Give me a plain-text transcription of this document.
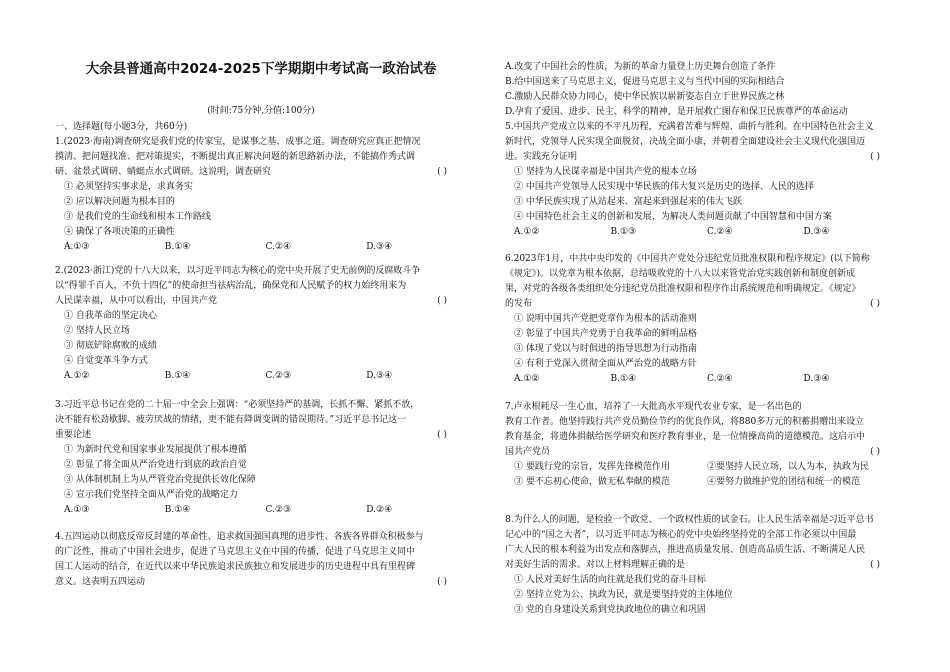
大余县普通高中2024-2025下学期期中考试高一政治试卷
(时间:75分钟,分值:100分)
一、选择题(每小题3分，共60分)

1.(2023·海南)调查研究是我们党的传家宝，是谋事之基、成事之道。调查研究应真正把情况

摸清、把问题找准、把对策提实，不断提出真正解决问题的新思路新办法，不能搞作秀式调

研、盆景式调研、蜻蜓点水式调研。这说明，调查研究	( )

① 必须坚持实事求是，求真务实

② 应以解决问题为根本目的

③ 是我们党的生命线和根本工作路线

④ 确保了各项决策的正确性

A.①③	B.①④	C.②④	D.③④

2.(2023·浙江)党的十八大以来，以习近平同志为核心的党中央开展了史无前例的反腐败斗争

以“得罪千百人，不负十四亿”的使命担当祛病治乱，确保党和人民赋予的权力始终用来为

人民谋幸福，从中可以看出，中国共产党	( )

① 自我革命的坚定决心

② 坚持人民立场

③ 彻底铲除腐败的成绩

④ 自觉变革斗争方式

A.①②	B.①④	C.②③	D.③④

3.习近平总书记在党的二十届一中全会上强调：“必须坚持严的基调，长抓不懈、紧抓不放，

决不能有松劲歇脚、疲劳厌战的情绪，更不能有降调变调的错误期待。”习近平总书记这一

重要论述	( )

① 为新时代党和国家事业发展提供了根本遵循

② 彰显了将全面从严治党进行到底的政治自觉

③ 从体制机制上为从严管党治党提供长效化保障

④ 宣示我们党坚持全面从严治党的战略定力

A.①③	B.①④	C.②③	D.②④

4.五四运动以彻底反帝反封建的革命性、追求救国强国真理的进步性、各族各界群众积极参与

的广泛性，推动了中国社会进步，促进了马克思主义在中国的传播，促进了马克思主义同中

国工人运动的结合，在近代以来中华民族追求民族独立和发展进步的历史进程中具有里程碑

意义。这表明五四运动	( )

A.改变了中国社会的性质，为新的革命力量登上历史舞台创造了条件

B.给中国送来了马克思主义，促进马克思主义与当代中国的实际相结合

C.激励人民群众协力同心，使中华民族以崭新姿态自立于世界民族之林

D.孕育了爱国、进步、民主、科学的精神，是开展救亡图存和保卫民族尊严的革命运动

5.中国共产党成立以来的不平凡历程，充满着苦难与辉煌、曲折与胜利。在中国特色社会主义

新时代，党领导人民实现全面脱贫，决战全面小康，并朝着全面建设社会主义现代化强国迈

进。实践充分证明	( )

① 坚持为人民谋幸福是中国共产党的根本立场

② 中国共产党领导人民实现中华民族的伟大复兴是历史的选择、人民的选择

③ 中华民族实现了从站起来、富起来到强起来的伟大飞跃

④ 中国特色社会主义的创新和发展，为解决人类问题贡献了中国智慧和中国方案

A.①②	B.①③	C.②④	D.③④

6.2023年1月，中共中央印发的《中国共产党处分违纪党员批准权限和程序规定》(以下简称

《规定》)。以党章为根本依据，总结吸收党的十八大以来管党治党实践创新和制度创新成

果，对党的各级各类组织处分违纪党员批准权限和程序作出系统规范和明确规定。《规定》

的发布	( )

① 说明中国共产党把党章作为根本的活动准则

② 彰显了中国共产党勇于自我革命的鲜明品格

③ 体现了党以与时俱进的指导思想为行动指南

④ 有利于党深入贯彻全面从严治党的战略方针

A.①②	B.①④	C.②④	D.③④

7.卢永根耗尽一生心血，培养了一大批高水平现代农业专家，是一名出色的

教育工作者。他坚持践行共产党员勤俭节约的优良作风，将880多万元的积蓄捐赠出来设立

教育基金，将遗体捐献给医学研究和医疗教育事业，是一位情操高尚的道德模范。这启示中

国共产党员	( )

① 要践行党的宗旨，发挥先锋模范作用	②要坚持人民立场，以人为本，执政为民
③ 要不忘初心使命，做无私奉献的模范	④要努力做维护党的团结和统一的模范

8.为什么人的问题，是检验一个政党、一个政权性质的试金石。让人民生活幸福是习近平总书

记心中的“国之大者”，以习近平同志为核心的党中央始终坚持党的全部工作必须以中国最

广大人民的根本利益为出发点和落脚点，推进高质量发展、创造高品质生活、不断满足人民

对美好生活的需求。对以上材料理解正确的是	( )

① 人民对美好生活的向往就是我们党的奋斗目标

② 坚持立党为公、执政为民，就是要坚持党的主体地位

③ 党的自身建设关系到党执政地位的确立和巩固
